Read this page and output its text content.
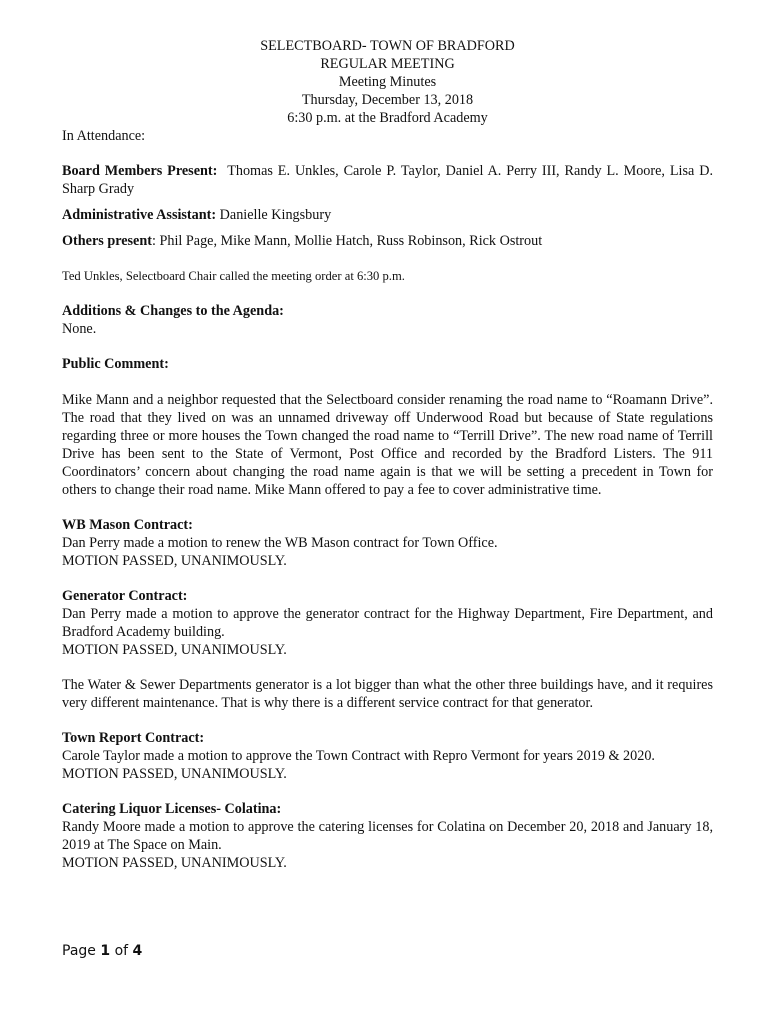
SELECTBOARD- TOWN OF BRADFORD
REGULAR MEETING
Meeting Minutes
Thursday, December 13, 2018
6:30 p.m. at the Bradford Academy
In Attendance:
Board Members Present: Thomas E. Unkles, Carole P. Taylor, Daniel A. Perry III, Randy L. Moore, Lisa D. Sharp Grady
Administrative Assistant: Danielle Kingsbury
Others present: Phil Page, Mike Mann, Mollie Hatch, Russ Robinson, Rick Ostrout
Ted Unkles, Selectboard Chair called the meeting order at 6:30 p.m.
Additions & Changes to the Agenda:
None.
Public Comment:
Mike Mann and a neighbor requested that the Selectboard consider renaming the road name to “Roamann Drive”. The road that they lived on was an unnamed driveway off Underwood Road but because of State regulations regarding three or more houses the Town changed the road name to “Terrill Drive”. The new road name of Terrill Drive has been sent to the State of Vermont, Post Office and recorded by the Bradford Listers. The 911 Coordinators’ concern about changing the road name again is that we will be setting a precedent in Town for others to change their road name. Mike Mann offered to pay a fee to cover administrative time.
WB Mason Contract:
Dan Perry made a motion to renew the WB Mason contract for Town Office.
MOTION PASSED, UNANIMOUSLY.
Generator Contract:
Dan Perry made a motion to approve the generator contract for the Highway Department, Fire Department, and Bradford Academy building.
MOTION PASSED, UNANIMOUSLY.
The Water & Sewer Departments generator is a lot bigger than what the other three buildings have, and it requires very different maintenance. That is why there is a different service contract for that generator.
Town Report Contract:
Carole Taylor made a motion to approve the Town Contract with Repro Vermont for years 2019 & 2020.
MOTION PASSED, UNANIMOUSLY.
Catering Liquor Licenses- Colatina:
Randy Moore made a motion to approve the catering licenses for Colatina on December 20, 2018 and January 18, 2019 at The Space on Main.
MOTION PASSED, UNANIMOUSLY.
Page 1 of 4
